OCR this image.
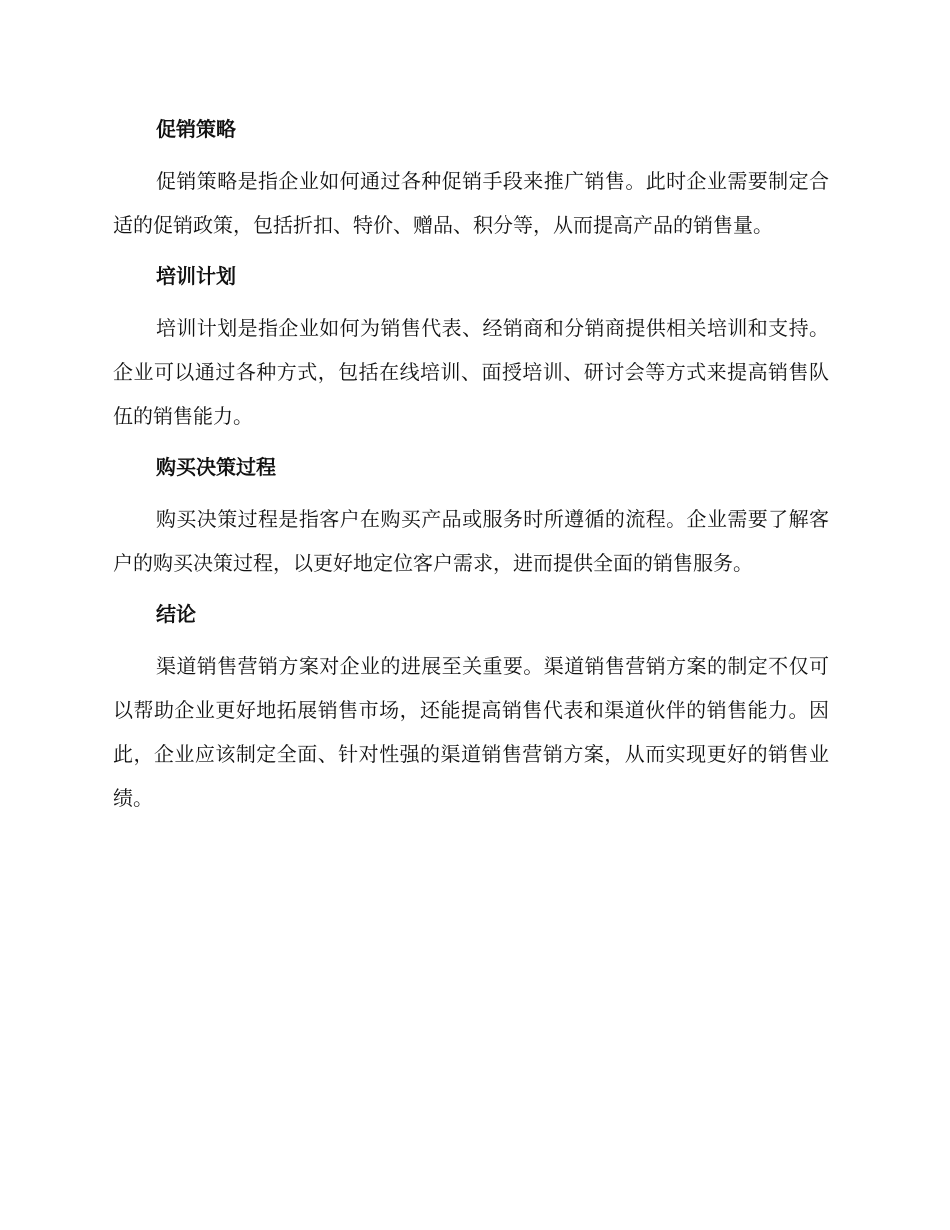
促销策略

促销策略是指企业如何通过各种促销手段来推广销售。此时企业需要制定合适的促销政策，包括折扣、特价、赠品、积分等，从而提高产品的销售量。

培训计划

培训计划是指企业如何为销售代表、经销商和分销商提供相关培训和支持。企业可以通过各种方式，包括在线培训、面授培训、研讨会等方式来提高销售队伍的销售能力。

购买决策过程

购买决策过程是指客户在购买产品或服务时所遵循的流程。企业需要了解客户的购买决策过程，以更好地定位客户需求，进而提供全面的销售服务。

结论

渠道销售营销方案对企业的进展至关重要。渠道销售营销方案的制定不仅可以帮助企业更好地拓展销售市场，还能提高销售代表和渠道伙伴的销售能力。因此，企业应该制定全面、针对性强的渠道销售营销方案，从而实现更好的销售业绩。
